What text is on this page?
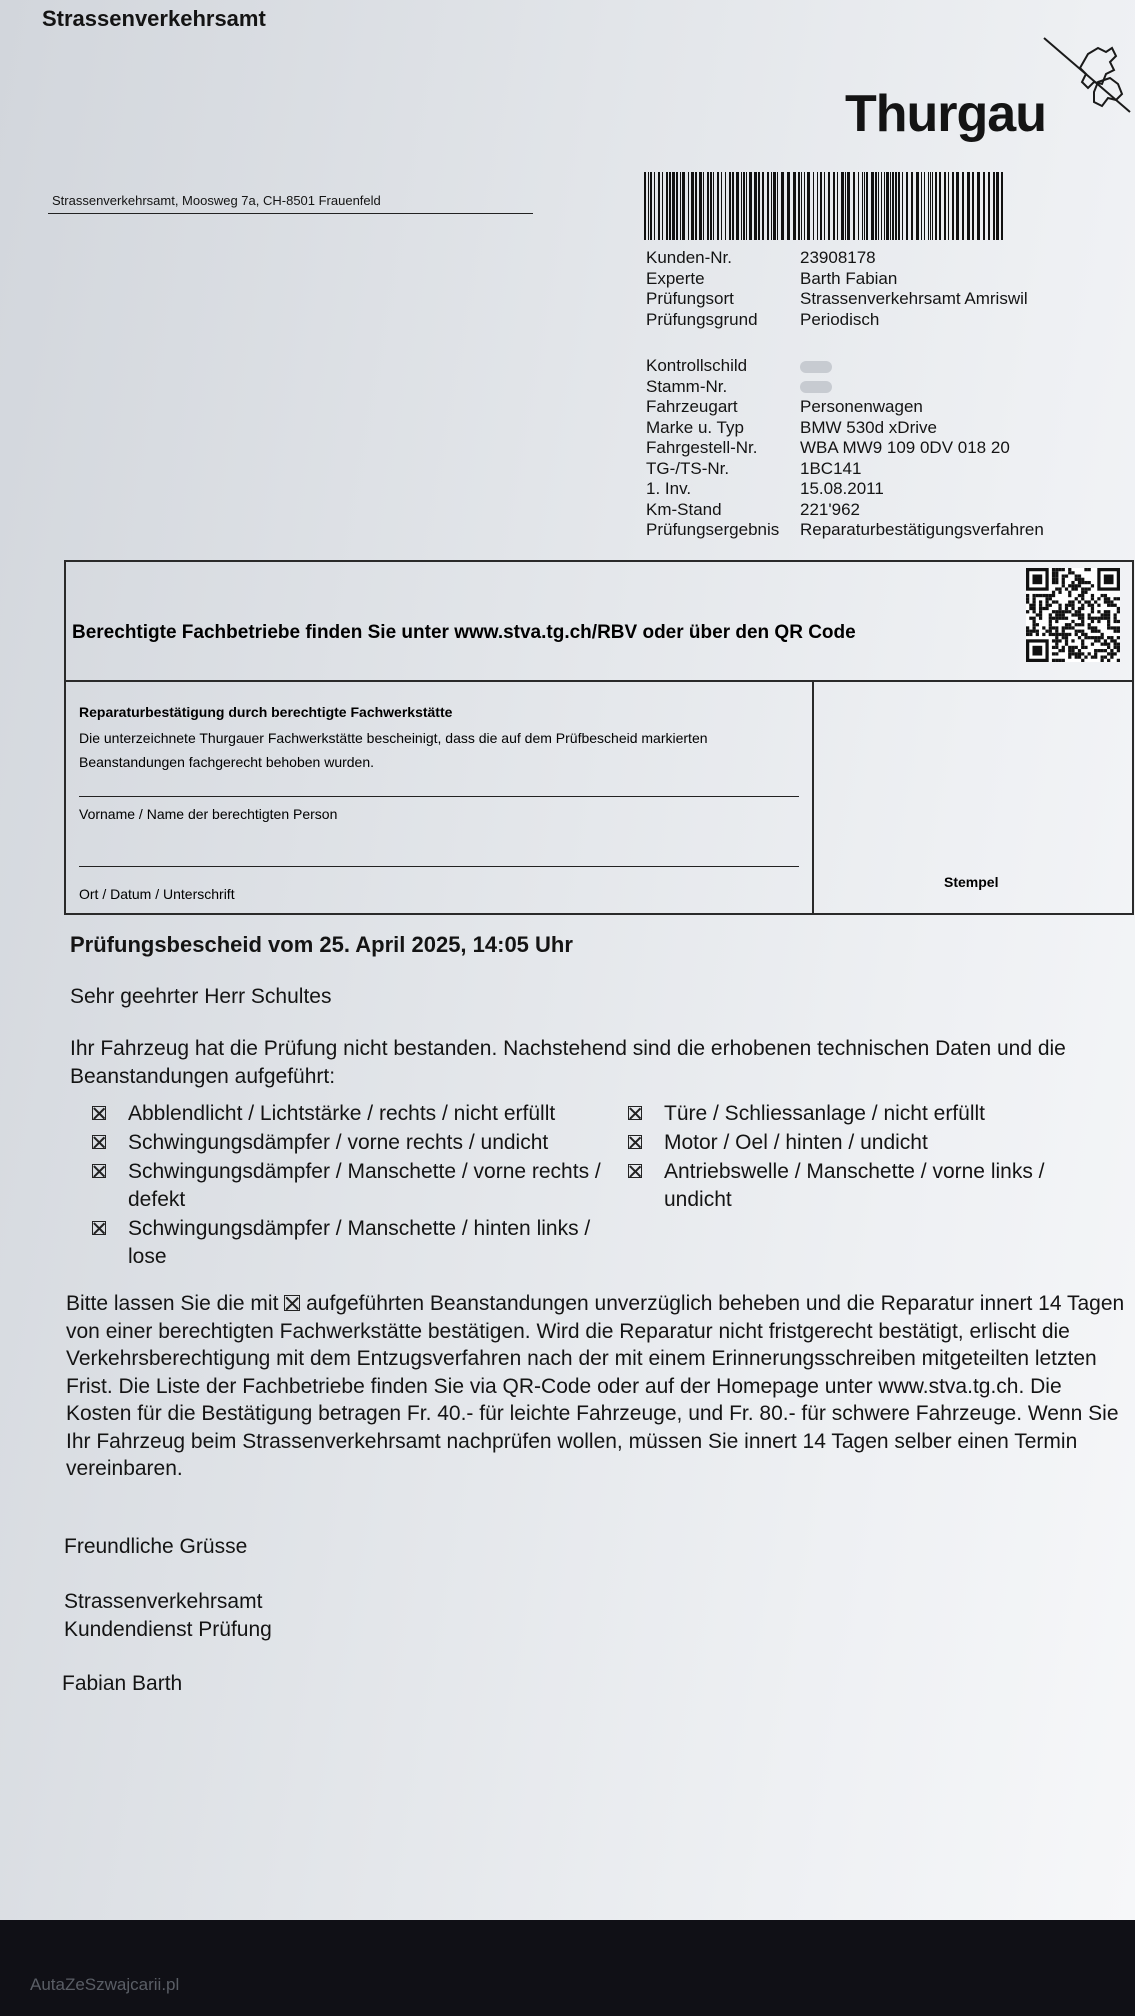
Strassenverkehrsamt
Thurgau
Strassenverkehrsamt, Moosweg 7a, CH-8501 Frauenfeld
Kunden-Nr.	23908178
Experte	Barth Fabian
Prüfungsort	Strassenverkehrsamt Amriswil
Prüfungsgrund	Periodisch
Kontrollschild
Stamm-Nr.
Fahrzeugart	Personenwagen
Marke u. Typ	BMW 530d xDrive
Fahrgestell-Nr.	WBA MW9 109 0DV 018 20
TG-/TS-Nr.	1BC141
1. Inv.	15.08.2011
Km-Stand	221'962
Prüfungsergebnis	Reparaturbestätigungsverfahren
Berechtigte Fachbetriebe finden Sie unter www.stva.tg.ch/RBV oder über den QR Code
Reparaturbestätigung durch berechtigte Fachwerkstätte
Die unterzeichnete Thurgauer Fachwerkstätte bescheinigt, dass die auf dem Prüfbescheid markierten Beanstandungen fachgerecht behoben wurden.
Vorname / Name der berechtigten Person
Ort / Datum / Unterschrift
Stempel
Prüfungsbescheid vom 25. April 2025, 14:05 Uhr
Sehr geehrter Herr Schultes
Ihr Fahrzeug hat die Prüfung nicht bestanden. Nachstehend sind die erhobenen technischen Daten und die Beanstandungen aufgeführt:
Abblendlicht / Lichtstärke / rechts / nicht erfüllt
Schwingungsdämpfer / vorne rechts / undicht
Schwingungsdämpfer / Manschette / vorne rechts / defekt
Schwingungsdämpfer / Manschette / hinten links / lose
Türe / Schliessanlage / nicht erfüllt
Motor / Oel / hinten / undicht
Antriebswelle / Manschette / vorne links / undicht
Bitte lassen Sie die mit aufgeführten Beanstandungen unverzüglich beheben und die Reparatur innert 14 Tagen von einer berechtigten Fachwerkstätte bestätigen. Wird die Reparatur nicht fristgerecht bestätigt, erlischt die Verkehrsberechtigung mit dem Entzugsverfahren nach der mit einem Erinnerungsschreiben mitgeteilten letzten Frist. Die Liste der Fachbetriebe finden Sie via QR-Code oder auf der Homepage unter www.stva.tg.ch. Die Kosten für die Bestätigung betragen Fr. 40.- für leichte Fahrzeuge, und Fr. 80.- für schwere Fahrzeuge. Wenn Sie Ihr Fahrzeug beim Strassenverkehrsamt nachprüfen wollen, müssen Sie innert 14 Tagen selber einen Termin vereinbaren.
Freundliche Grüsse
Strassenverkehrsamt
Kundendienst Prüfung
Fabian Barth
AutaZeSzwajcarii.pl
